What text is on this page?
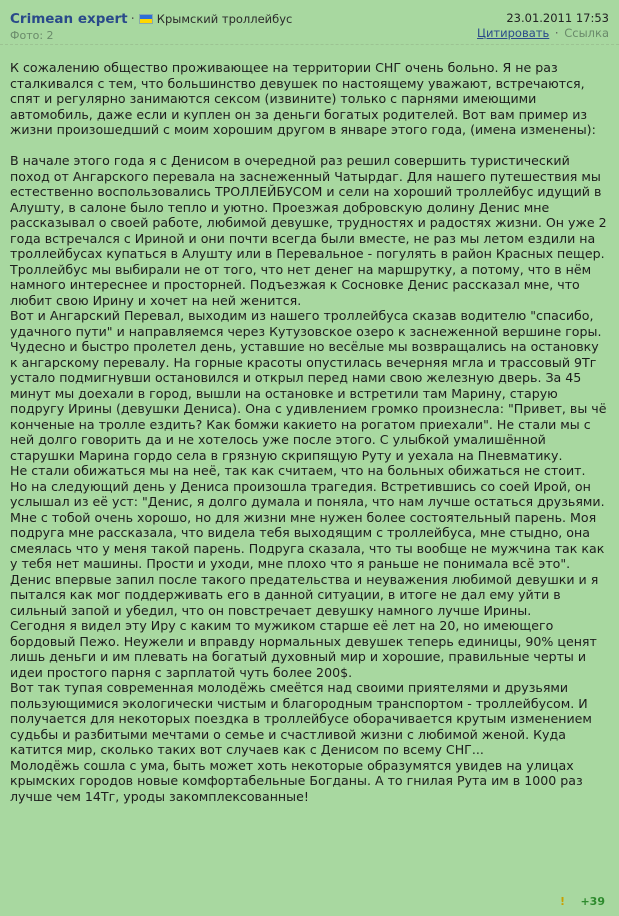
Crimean expert · Крымский троллейбус
Фото: 2
23.01.2011 17:53
Цитировать · Ссылка

К сожалению общество проживающее на территории СНГ очень больно. Я не раз сталкивался с тем, что большинство девушек по настоящему уважают, встречаются, спят и регулярно занимаются сексом (извините) только с парнями имеющими автомобиль, даже если и куплен он за деньги богатых родителей. Вот вам пример из жизни произошедший с моим хорошим другом в январе этого года, (имена изменены):

В начале этого года я с Денисом в очередной раз решил совершить туристический поход от Ангарского перевала на заснеженный Чатырдаг. Для нашего путешествия мы естественно воспользовались ТРОЛЛЕЙБУСОМ и сели на хороший троллейбус идущий в Алушту, в салоне было тепло и уютно. Проезжая добровскую долину Денис мне рассказывал о своей работе, любимой девушке, трудностях и радостях жизни. Он уже 2 года встречался с Ириной и они почти всегда были вместе, не раз мы летом ездили на троллейбусах купаться в Алушту или в Перевальное - погулять в район Красных пещер. Троллейбус мы выбирали не от того, что нет денег на маршрутку, а потому, что в нём намного интереснее и просторней. Подъезжая к Сосновке Денис рассказал мне, что любит свою Ирину и хочет на ней женится.

Вот и Ангарский Перевал, выходим из нашего троллейбуса сказав водителю "спасибо, удачного пути" и направляемся через Кутузовское озеро к заснеженной вершине горы.

Чудесно и быстро пролетел день, уставшие но весёлые мы возвращались на остановку к ангарскому перевалу. На горные красоты опустилась вечерняя мгла и трассовый 9Тг устало подмигнувши остановился и открыл перед нами свою железную дверь. За 45 минут мы доехали в город, вышли на остановке и встретили там Марину, старую подругу Ирины (девушки Дениса). Она с удивлением громко произнесла: "Привет, вы чё конченые на тролле ездить? Как бомжи какието на рогатом приехали". Не стали мы с ней долго говорить да и не хотелось уже после этого. С улыбкой умалишённой старушки Марина гордо села в грязную скрипящую Руту и уехала на Пневматику.

Не стали обижаться мы на неё, так как считаем, что на больных обижаться не стоит.

Но на следующий день у Дениса произошла трагедия. Встретившись со соей Ирой, он услышал из её уст: "Денис, я долго думала и поняла, что нам лучше остаться друзьями. Мне с тобой очень хорошо, но для жизни мне нужен более состоятельный парень. Моя подруга мне рассказала, что видела тебя выходящим с троллейбуса, мне стыдно, она смеялась что у меня такой парень. Подруга сказала, что ты вообще не мужчина так как у тебя нет машины. Прости и уходи, мне плохо что я раньше не понимала всё это".

Денис впервые запил после такого предательства и неуважения любимой девушки и я пытался как мог поддерживать его в данной ситуации, в итоге не дал ему уйти в сильный запой и убедил, что он повстречает девушку намного лучше Ирины.

Сегодня я видел эту Иру с каким то мужиком старше её лет на 20, но имеющего бордовый Пежо. Неужели и вправду нормальных девушек теперь единицы, 90% ценят лишь деньги и им плевать на богатый духовный мир и хорошие, правильные черты и идеи простого парня с зарплатой чуть более 200$.

Вот так тупая современная молодёжь смеётся над своими приятелями и друзьями пользующимися экологически чистым и благородным транспортом - троллейбусом. И получается для некоторых поездка в троллейбусе оборачивается крутым изменением судьбы и разбитыми мечтами о семье и счастливой жизни с любимой женой. Куда катится мир, сколько таких вот случаев как с Денисом по всему СНГ...

Молодёжь сошла с ума, быть может хоть некоторые образумятся увидев на улицах крымских городов новые комфортабельные Богданы. А то гнилая Рута им в 1000 раз лучше чем 14Тг, уроды закомплексованные!

! +39
